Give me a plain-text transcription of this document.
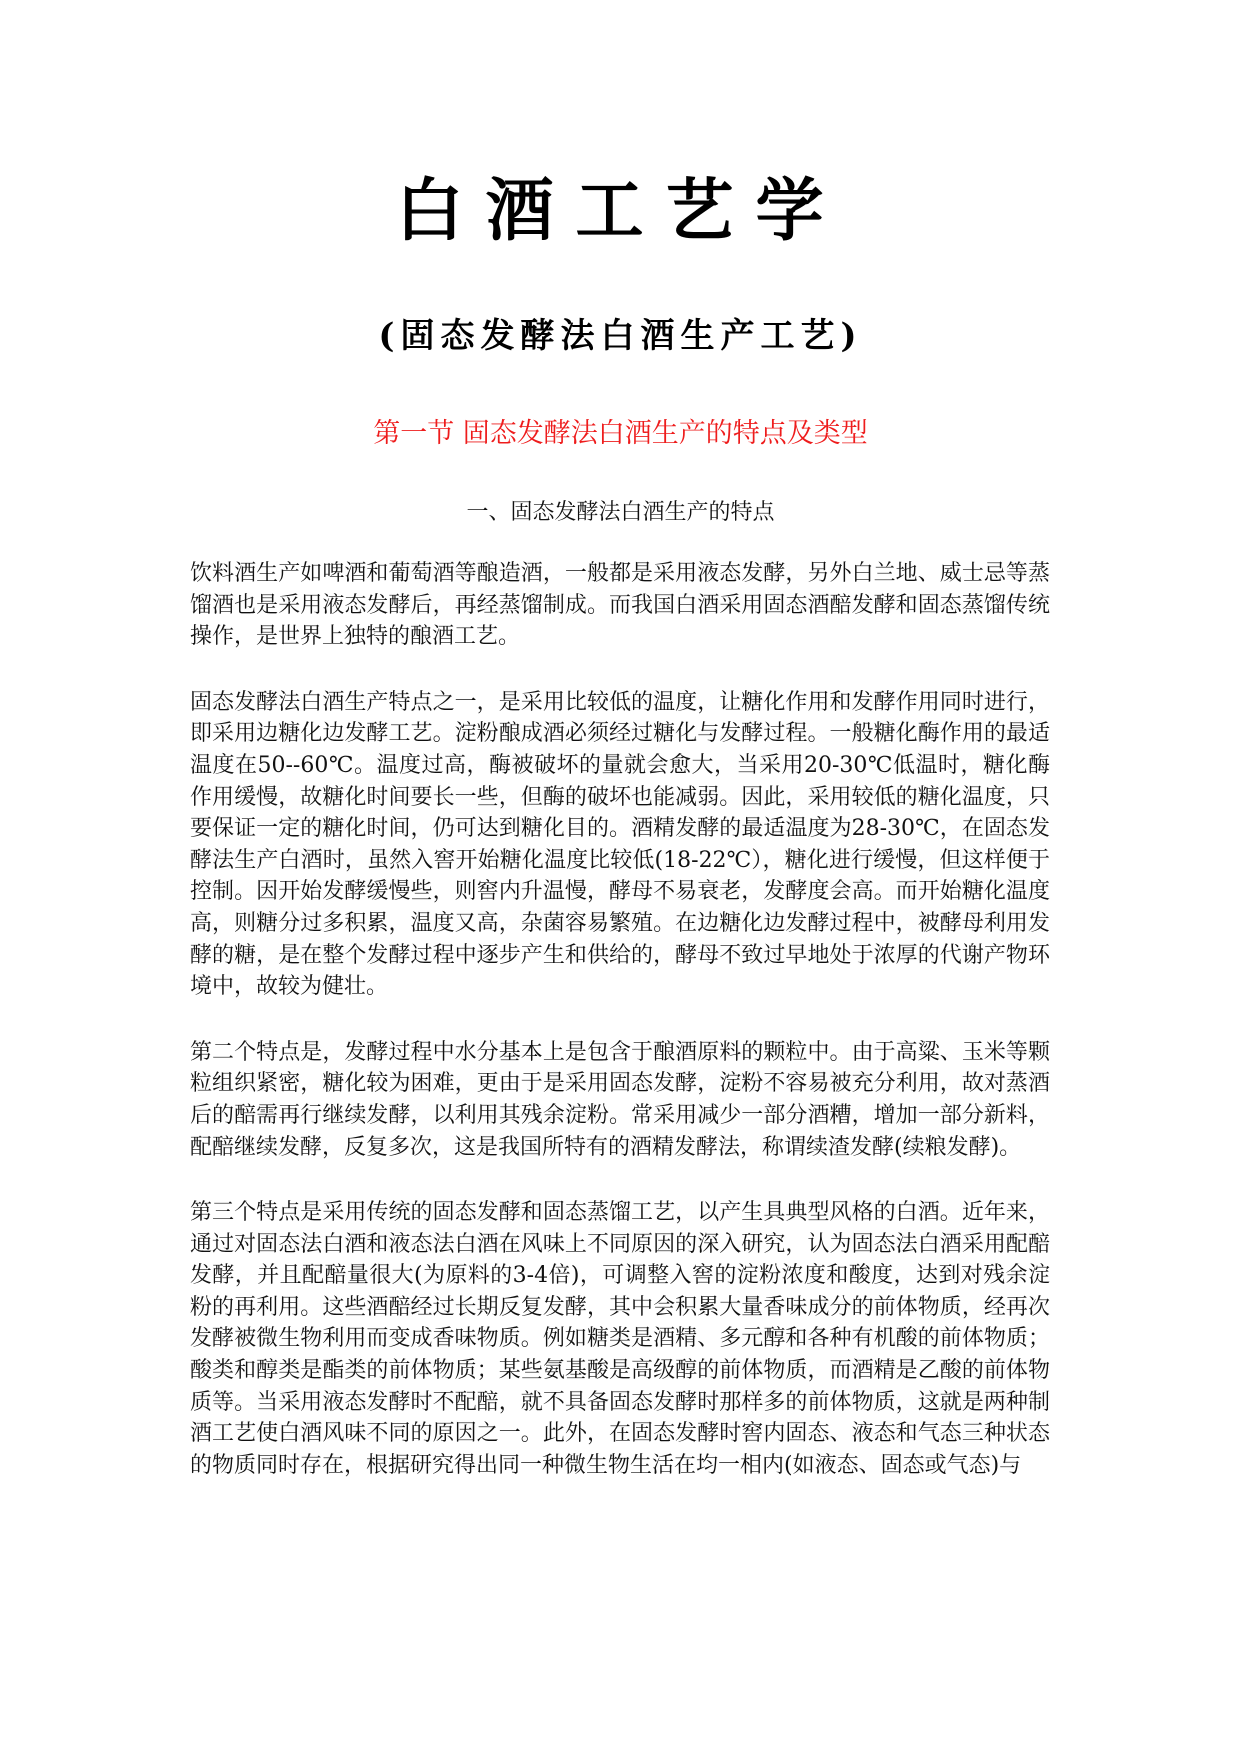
白酒工艺学
(固态发酵法白酒生产工艺)
第一节 固态发酵法白酒生产的特点及类型
一、固态发酵法白酒生产的特点

饮料酒生产如啤酒和葡萄酒等酿造酒，一般都是采用液态发酵，另外白兰地、威士忌等蒸馏酒也是采用液态发酵后，再经蒸馏制成。而我国白酒采用固态酒醅发酵和固态蒸馏传统操作，是世界上独特的酿酒工艺。

固态发酵法白酒生产特点之一，是采用比较低的温度，让糖化作用和发酵作用同时进行，即采用边糖化边发酵工艺。淀粉酿成酒必须经过糖化与发酵过程。一般糖化酶作用的最适温度在50--60℃。温度过高，酶被破坏的量就会愈大，当采用20-30℃低温时，糖化酶作用缓慢，故糖化时间要长一些，但酶的破坏也能减弱。因此，采用较低的糖化温度，只要保证一定的糖化时间，仍可达到糖化目的。酒精发酵的最适温度为28-30℃，在固态发酵法生产白酒时，虽然入窖开始糖化温度比较低(18-22℃），糖化进行缓慢，但这样便于控制。因开始发酵缓慢些，则窖内升温慢，酵母不易衰老，发酵度会高。而开始糖化温度高，则糖分过多积累，温度又高，杂菌容易繁殖。在边糖化边发酵过程中，被酵母利用发酵的糖，是在整个发酵过程中逐步产生和供给的，酵母不致过早地处于浓厚的代谢产物环境中，故较为健壮。

第二个特点是，发酵过程中水分基本上是包含于酿酒原料的颗粒中。由于高粱、玉米等颗粒组织紧密，糖化较为困难，更由于是采用固态发酵，淀粉不容易被充分利用，故对蒸酒后的醅需再行继续发酵，以利用其残余淀粉。常采用减少一部分酒糟，增加一部分新料，配醅继续发酵，反复多次，这是我国所特有的酒精发酵法，称谓续渣发酵(续粮发酵)。

第三个特点是采用传统的固态发酵和固态蒸馏工艺，以产生具典型风格的白酒。近年来，通过对固态法白酒和液态法白酒在风味上不同原因的深入研究，认为固态法白酒采用配醅发酵，并且配醅量很大(为原料的3-4倍)，可调整入窖的淀粉浓度和酸度，达到对残余淀粉的再利用。这些酒醅经过长期反复发酵，其中会积累大量香味成分的前体物质，经再次发酵被微生物利用而变成香味物质。例如糖类是酒精、多元醇和各种有机酸的前体物质；酸类和醇类是酯类的前体物质；某些氨基酸是高级醇的前体物质，而酒精是乙酸的前体物质等。当采用液态发酵时不配醅，就不具备固态发酵时那样多的前体物质，这就是两种制酒工艺使白酒风味不同的原因之一。此外，在固态发酵时窖内固态、液态和气态三种状态的物质同时存在，根据研究得出同一种微生物生活在均一相内(如液态、固态或气态)与
